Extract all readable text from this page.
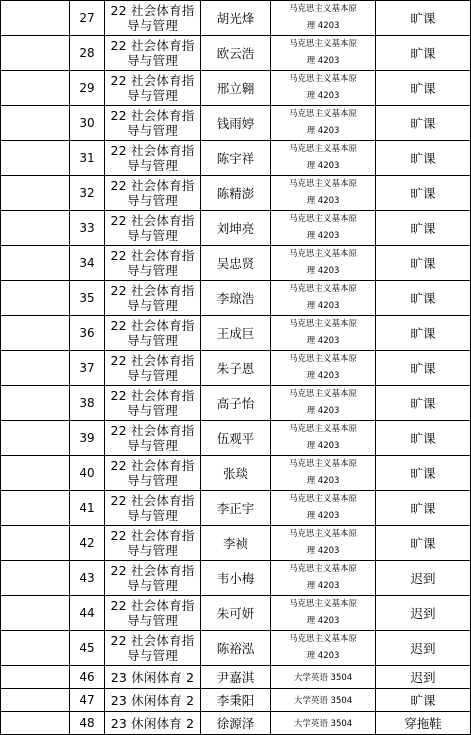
	27	22 社会体育指
导与管理	胡光烽	马克思主义基本原
理 4203	旷课
	28	22 社会体育指
导与管理	欧云浩	马克思主义基本原
理 4203	旷课
	29	22 社会体育指
导与管理	邢立翱	马克思主义基本原
理 4203	旷课
	30	22 社会体育指
导与管理	钱雨婷	马克思主义基本原
理 4203	旷课
	31	22 社会体育指
导与管理	陈宇祥	马克思主义基本原
理 4203	旷课
	32	22 社会体育指
导与管理	陈精澎	马克思主义基本原
理 4203	旷课
	33	22 社会体育指
导与管理	刘坤亮	马克思主义基本原
理 4203	旷课
	34	22 社会体育指
导与管理	吴忠贤	马克思主义基本原
理 4203	旷课
	35	22 社会体育指
导与管理	李琼浩	马克思主义基本原
理 4203	旷课
	36	22 社会体育指
导与管理	王成巨	马克思主义基本原
理 4203	旷课
	37	22 社会体育指
导与管理	朱子恩	马克思主义基本原
理 4203	旷课
	38	22 社会体育指
导与管理	高子怡	马克思主义基本原
理 4203	旷课
	39	22 社会体育指
导与管理	伍观平	马克思主义基本原
理 4203	旷课
	40	22 社会体育指
导与管理	张琰	马克思主义基本原
理 4203	旷课
	41	22 社会体育指
导与管理	李正宇	马克思主义基本原
理 4203	旷课
	42	22 社会体育指
导与管理	李祯	马克思主义基本原
理 4203	旷课
	43	22 社会体育指
导与管理	韦小梅	马克思主义基本原
理 4203	迟到
	44	22 社会体育指
导与管理	朱可妍	马克思主义基本原
理 4203	迟到
	45	22 社会体育指
导与管理	陈裕泓	马克思主义基本原
理 4203	迟到
	46	23 休闲体育 2	尹嘉淇	大学英语 3504	迟到
	47	23 休闲体育 2	李秉阳	大学英语 3504	旷课
	48	23 休闲体育 2	徐源泽	大学英语 3504	穿拖鞋
